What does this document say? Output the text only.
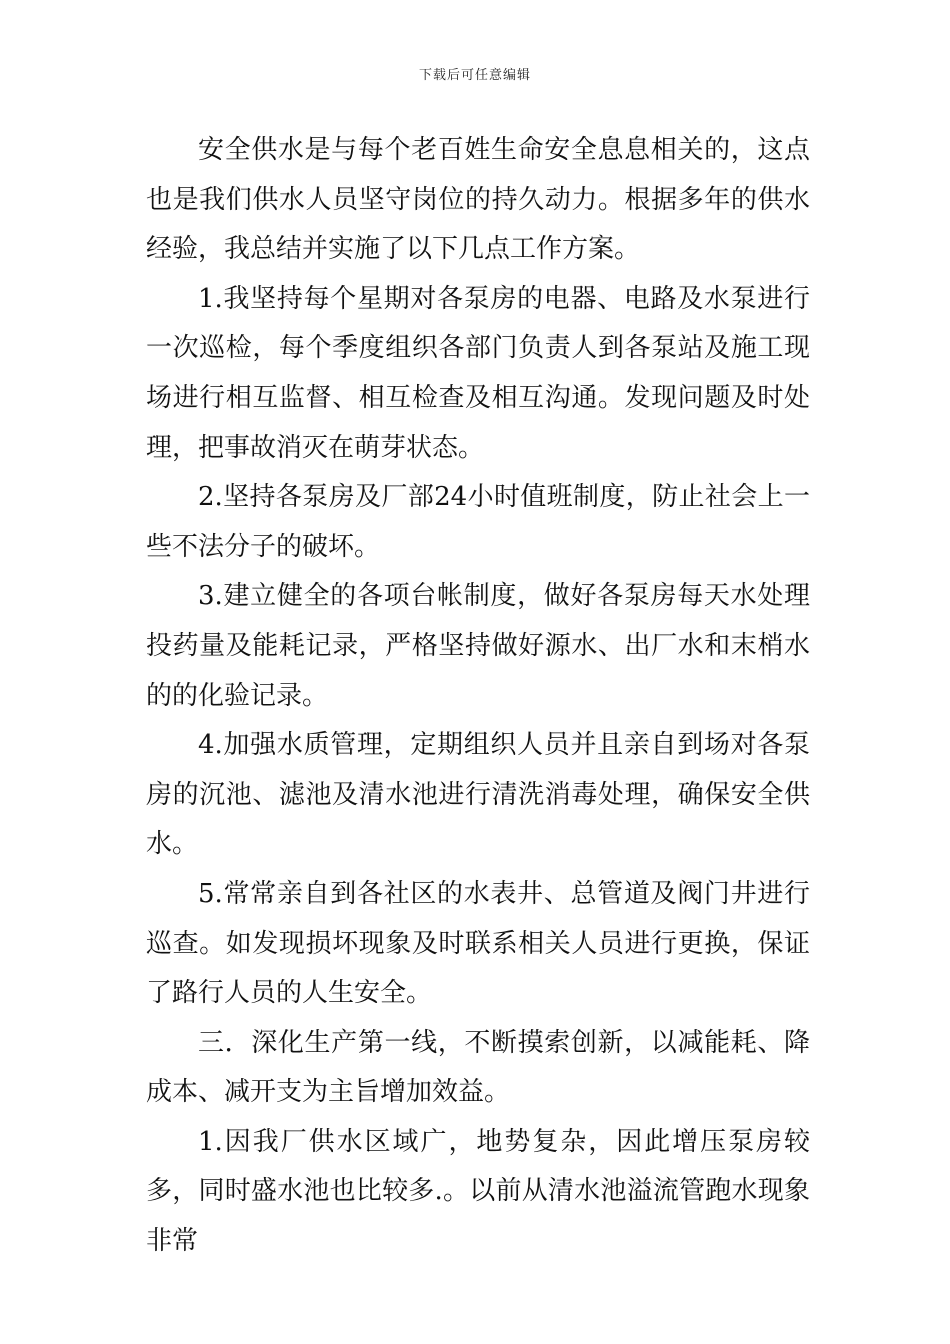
下载后可任意编辑

安全供水是与每个老百姓生命安全息息相关的，这点也是我们供水人员坚守岗位的持久动力。根据多年的供水经验，我总结并实施了以下几点工作方案。

1.我坚持每个星期对各泵房的电器、电路及水泵进行一次巡检，每个季度组织各部门负责人到各泵站及施工现场进行相互监督、相互检查及相互沟通。发现问题及时处理，把事故消灭在萌芽状态。

2.坚持各泵房及厂部24小时值班制度，防止社会上一些不法分子的破坏。

3.建立健全的各项台帐制度，做好各泵房每天水处理投药量及能耗记录，严格坚持做好源水、出厂水和末梢水的的化验记录。

4.加强水质管理，定期组织人员并且亲自到场对各泵房的沉池、滤池及清水池进行清洗消毒处理，确保安全供水。

5.常常亲自到各社区的水表井、总管道及阀门井进行巡查。如发现损坏现象及时联系相关人员进行更换，保证了路行人员的人生安全。

三．深化生产第一线，不断摸索创新，以减能耗、降成本、减开支为主旨增加效益。

1.因我厂供水区域广，地势复杂，因此增压泵房较多，同时盛水池也比较多.。以前从清水池溢流管跑水现象非常
